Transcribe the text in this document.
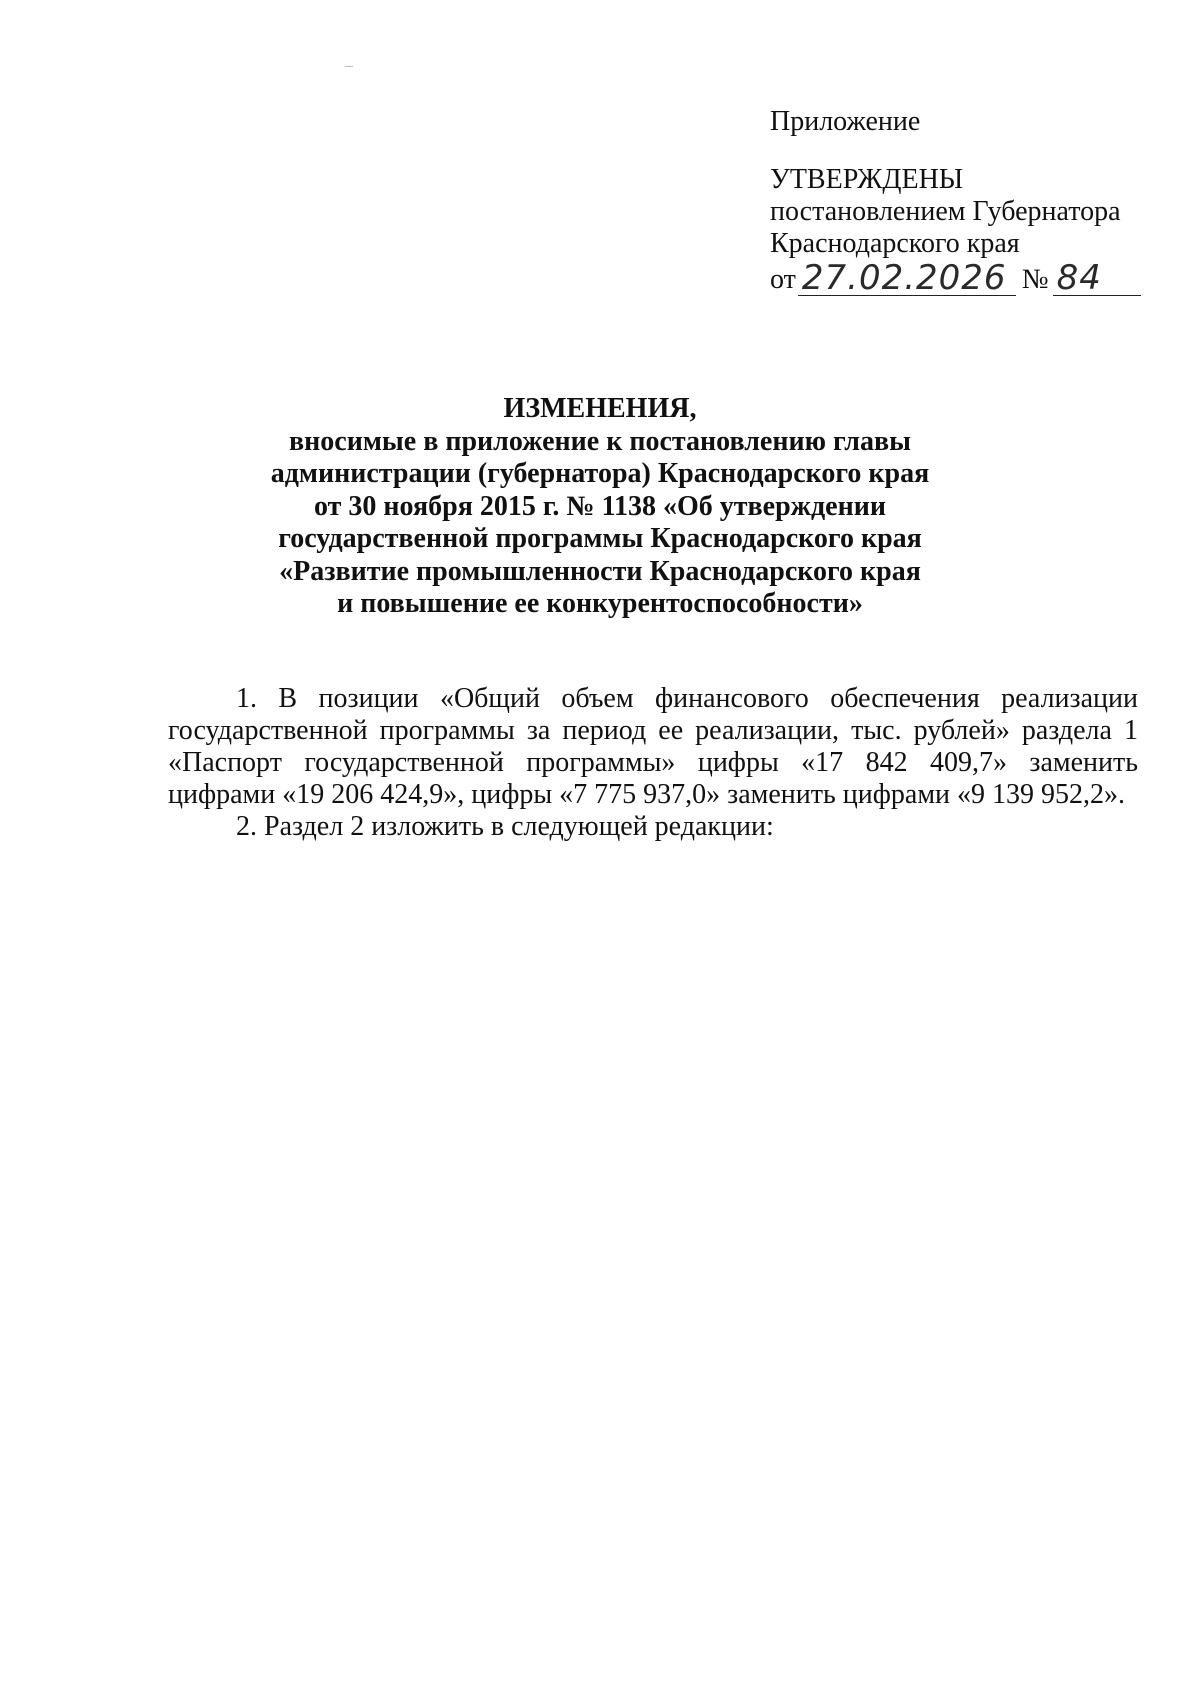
Приложение
УТВЕРЖДЕНЫ
постановлением Губернатора
Краснодарского края
от 27.02.2026 № 84
ИЗМЕНЕНИЯ,
вносимые в приложение к постановлению главы
администрации (губернатора) Краснодарского края
от 30 ноября 2015 г. № 1138 «Об утверждении
государственной программы Краснодарского края
«Развитие промышленности Краснодарского края
и повышение ее конкурентоспособности»

1. В позиции «Общий объем финансового обеспечения реализации государственной программы за период ее реализации, тыс. рублей» раздела 1 «Паспорт государственной программы» цифры «17 842 409,7» заменить цифрами «19 206 424,9», цифры «7 775 937,0» заменить цифрами «9 139 952,2».

2. Раздел 2 изложить в следующей редакции:
